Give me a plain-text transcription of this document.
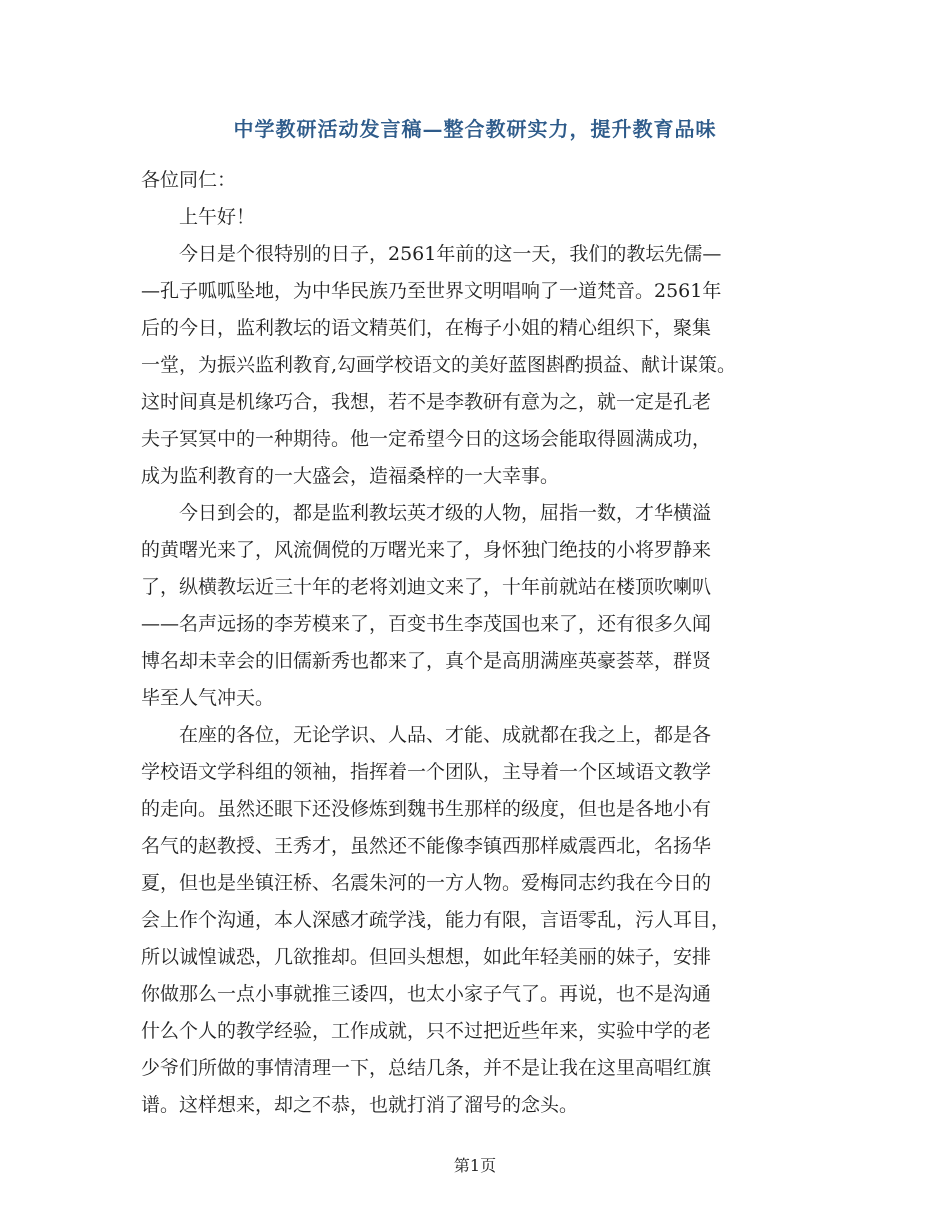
中学教研活动发言稿—整合教研实力，提升教育品味
各位同仁：
　　上午好！
　　今日是个很特别的日子，2561年前的这一天，我们的教坛先儒—
—孔子呱呱坠地，为中华民族乃至世界文明唱响了一道梵音。2561年
后的今日，监利教坛的语文精英们，在梅子小姐的精心组织下，聚集
一堂，为振兴监利教育,勾画学校语文的美好蓝图斟酌损益、献计谋策。
这时间真是机缘巧合，我想，若不是李教研有意为之，就一定是孔老
夫子冥冥中的一种期待。他一定希望今日的这场会能取得圆满成功，
成为监利教育的一大盛会，造福桑梓的一大幸事。
　　今日到会的，都是监利教坛英才级的人物，屈指一数，才华横溢
的黄曙光来了，风流倜傥的万曙光来了，身怀独门绝技的小将罗静来
了，纵横教坛近三十年的老将刘迪文来了，十年前就站在楼顶吹喇叭
——名声远扬的李芳模来了，百变书生李茂国也来了，还有很多久闻
博名却未幸会的旧儒新秀也都来了，真个是高朋满座英豪荟萃，群贤
毕至人气冲天。
　　在座的各位，无论学识、人品、才能、成就都在我之上，都是各
学校语文学科组的领袖，指挥着一个团队，主导着一个区域语文教学
的走向。虽然还眼下还没修炼到魏书生那样的级度，但也是各地小有
名气的赵教授、王秀才，虽然还不能像李镇西那样威震西北，名扬华
夏，但也是坐镇汪桥、名震朱河的一方人物。爱梅同志约我在今日的
会上作个沟通，本人深感才疏学浅，能力有限，言语零乱，污人耳目，
所以诚惶诚恐，几欲推却。但回头想想，如此年轻美丽的妹子，安排
你做那么一点小事就推三诿四，也太小家子气了。再说，也不是沟通
什么个人的教学经验，工作成就，只不过把近些年来，实验中学的老
少爷们所做的事情清理一下，总结几条，并不是让我在这里高唱红旗
谱。这样想来，却之不恭，也就打消了溜号的念头。
第1页
